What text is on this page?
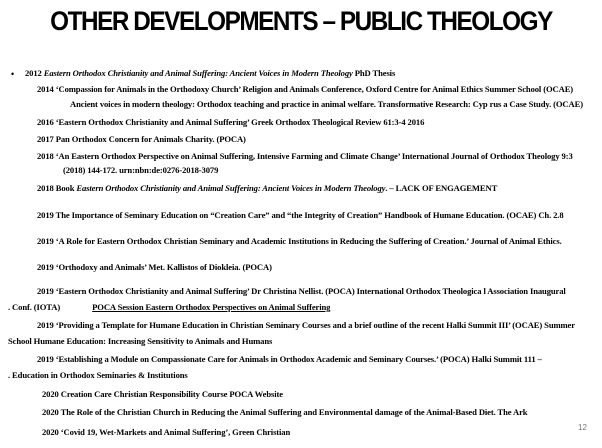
OTHER DEVELOPMENTS – PUBLIC THEOLOGY
• 2012 Eastern Orthodox Christianity and Animal Suffering: Ancient Voices in Modern Theology PhD Thesis
2014 ‘Compassion for Animals in the Orthodoxy Church’ Religion and Animals Conference, Oxford Centre for Animal Ethics Summer School (OCAE)
Ancient voices in modern theology: Orthodox teaching and practice in animal welfare. Transformative Research: Cyp rus a Case Study. (OCAE)
2016 ‘Eastern Orthodox Christianity and Animal Suffering’ Greek Orthodox Theological Review 61:3-4 2016
2017 Pan Orthodox Concern for Animals Charity. (POCA)
2018 ‘An Eastern Orthodox Perspective on Animal Suffering, Intensive Farming and Climate Change’ International Journal of Orthodox Theology 9:3
(2018) 144-172. urn:nbn:de:0276-2018-3079
2018 Book Eastern Orthodox Christianity and Animal Suffering: Ancient Voices in Modern Theology. – LACK OF ENGAGEMENT
2019 The Importance of Seminary Education on “Creation Care” and “the Integrity of Creation” Handbook of Humane Education. (OCAE) Ch. 2.8
2019 ‘A Role for Eastern Orthodox Christian Seminary and Academic Institutions in Reducing the Suffering of Creation.’ Journal of Animal Ethics.
2019 ‘Orthodoxy and Animals’ Met. Kallistos of Diokleia. (POCA)
2019 ‘Eastern Orthodox Christianity and Animal Suffering’ Dr Christina Nellist. (POCA) International Orthodox Theologica l Association Inaugural
. Conf. (IOTA)	POCA Session Eastern Orthodox Perspectives on Animal Suffering
2019 ‘Providing a Template for Humane Education in Christian Seminary Courses and a brief outline of the recent Halki Summit III’ (OCAE) Summer
School Humane Education: Increasing Sensitivity to Animals and Humans
2019 ‘Establishing a Module on Compassionate Care for Animals in Orthodox Academic and Seminary Courses.’ (POCA) Halki Summit 111 –
. Education in Orthodox Seminaries & Institutions
2020 Creation Care Christian Responsibility Course POCA Website
2020 The Role of the Christian Church in Reducing the Animal Suffering and Environmental damage of the Animal-Based Diet. The Ark
2020 ‘Covid 19, Wet-Markets and Animal Suffering’, Green Christian	12
